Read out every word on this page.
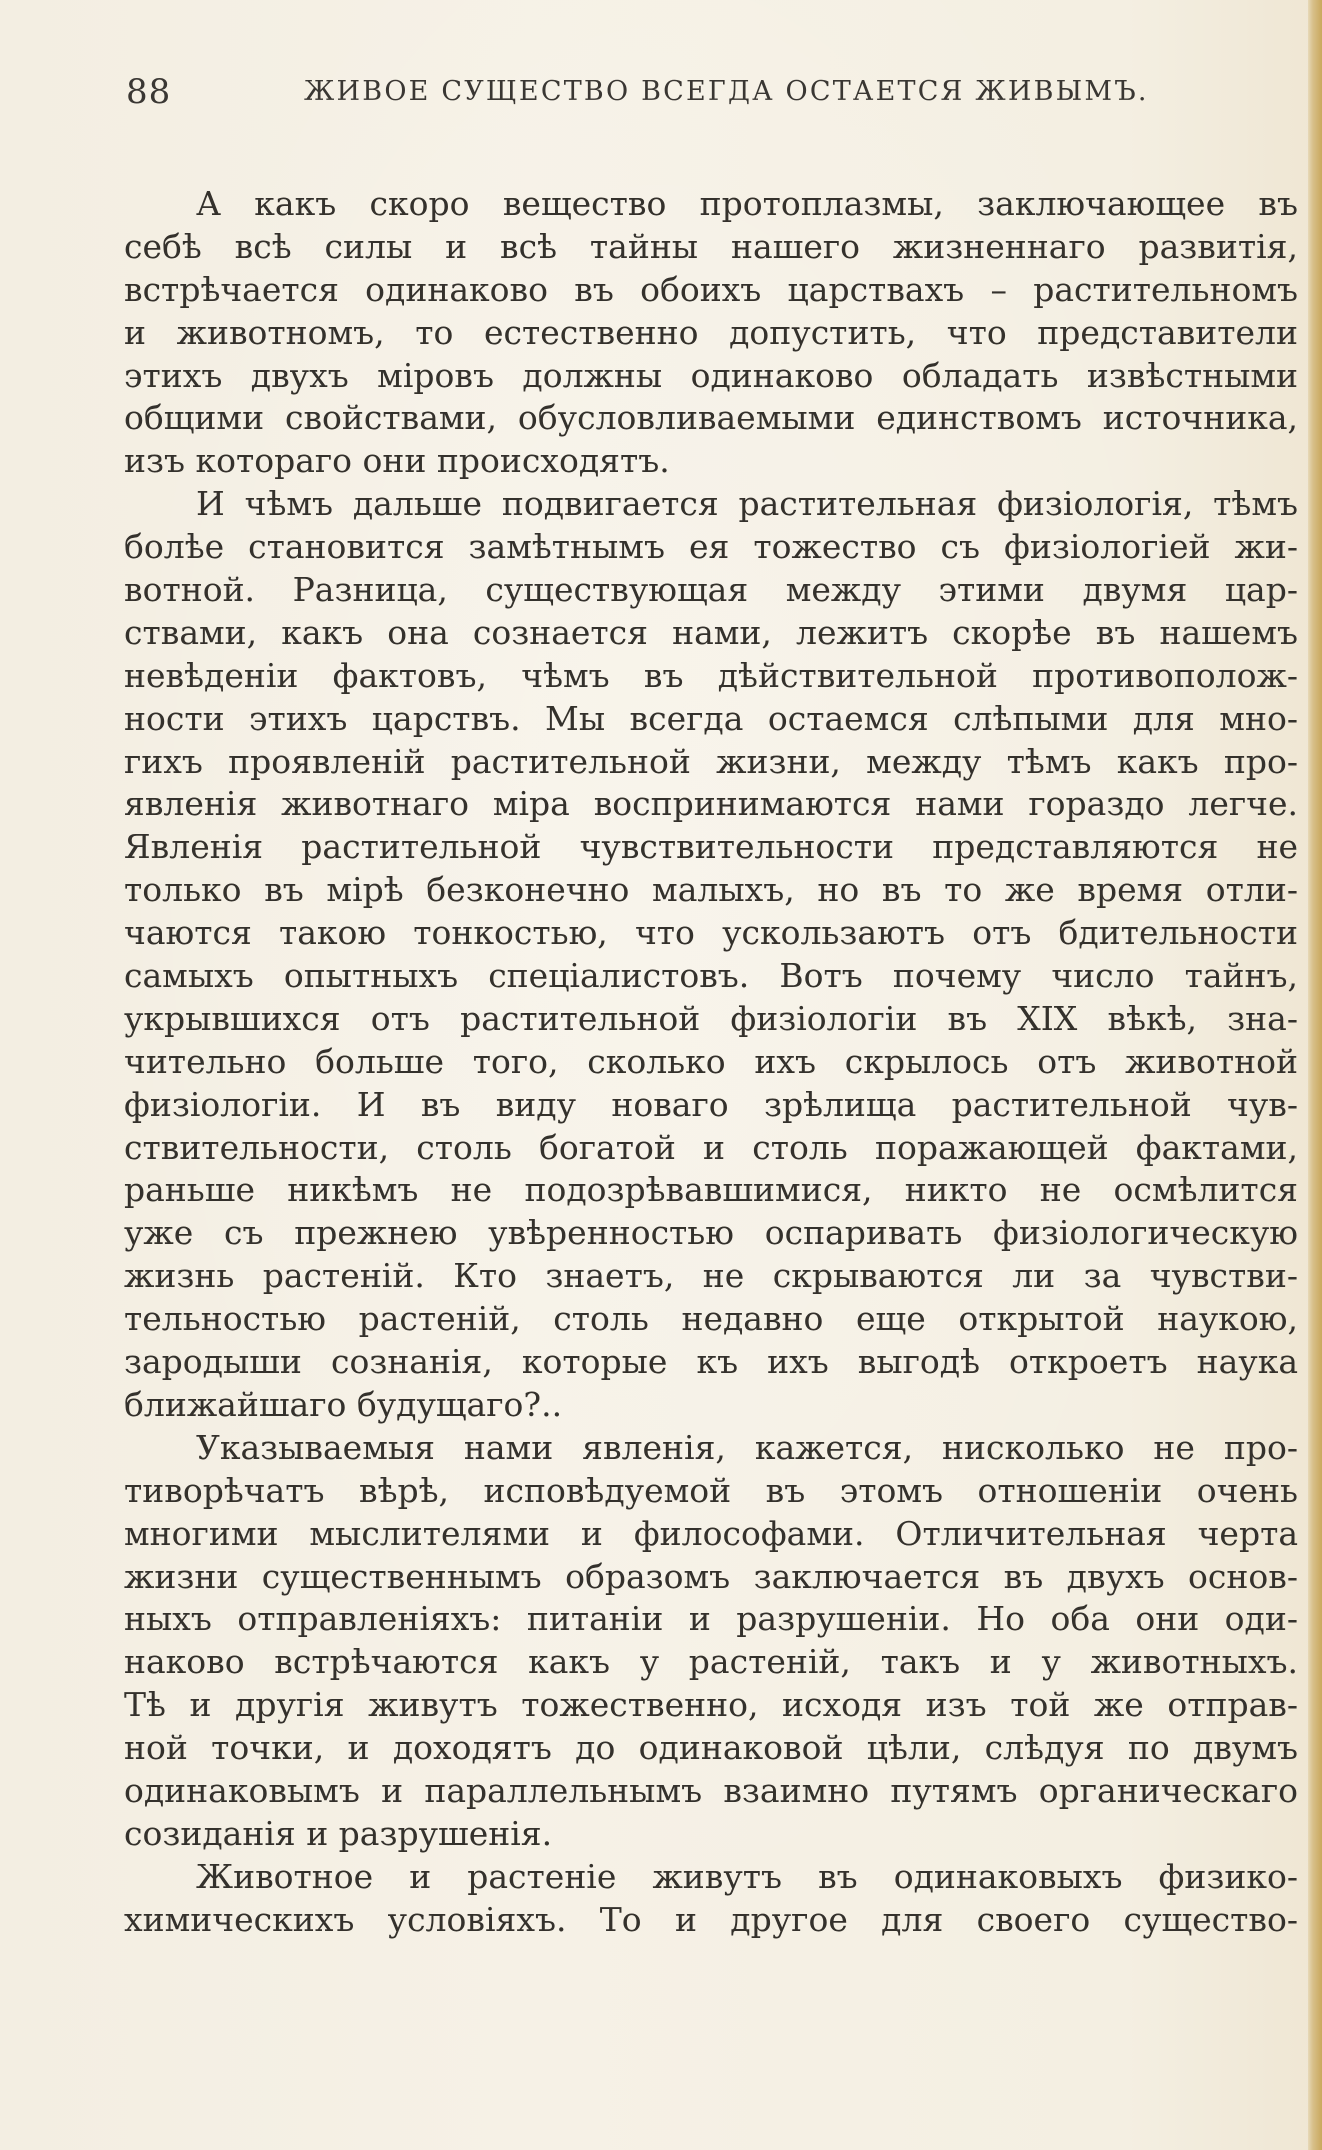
88	ЖИВОЕ СУЩЕСТВО ВСЕГДА ОСТАЕТСЯ ЖИВЫМЪ.
А какъ скоро вещество протоплазмы, заключающее въ
себѣ всѣ силы и всѣ тайны нашего жизненнаго развитія,
встрѣчается одинаково въ обоихъ царствахъ – растительномъ
и животномъ, то естественно допустить, что представители
этихъ двухъ міровъ должны одинаково обладать извѣстными
общими свойствами, обусловливаемыми единствомъ источника,
изъ котораго они происходятъ.
И чѣмъ дальше подвигается растительная физіологія, тѣмъ
болѣе становится замѣтнымъ ея тожество съ физіологіей жи-
вотной. Разница, существующая между этими двумя цар-
ствами, какъ она сознается нами, лежитъ скорѣе въ нашемъ
невѣденіи фактовъ, чѣмъ въ дѣйствительной противополож-
ности этихъ царствъ. Мы всегда остаемся слѣпыми для мно-
гихъ проявленій растительной жизни, между тѣмъ какъ про-
явленія животнаго міра воспринимаются нами гораздо легче.
Явленія растительной чувствительности представляются не
только въ мірѣ безконечно малыхъ, но въ то же время отли-
чаются такою тонкостью, что ускользаютъ отъ бдительности
самыхъ опытныхъ спеціалистовъ. Вотъ почему число тайнъ,
укрывшихся отъ растительной физіологіи въ XIX вѣкѣ, зна-
чительно больше того, сколько ихъ скрылось отъ животной
физіологіи. И въ виду новаго зрѣлища растительной чув-
ствительности, столь богатой и столь поражающей фактами,
раньше никѣмъ не подозрѣвавшимися, никто не осмѣлится
уже съ прежнею увѣренностью оспаривать физіологическую
жизнь растеній. Кто знаетъ, не скрываются ли за чувстви-
тельностью растеній, столь недавно еще открытой наукою,
зародыши сознанія, которые къ ихъ выгодѣ откроетъ наука
ближайшаго будущаго?..
Указываемыя нами явленія, кажется, нисколько не про-
тиворѣчатъ вѣрѣ, исповѣдуемой въ этомъ отношеніи очень
многими мыслителями и философами. Отличительная черта
жизни существеннымъ образомъ заключается въ двухъ основ-
ныхъ отправленіяхъ: питаніи и разрушеніи. Но оба они оди-
наково встрѣчаются какъ у растеній, такъ и у животныхъ.
Тѣ и другія живутъ тожественно, исходя изъ той же отправ-
ной точки, и доходятъ до одинаковой цѣли, слѣдуя по двумъ
одинаковымъ и параллельнымъ взаимно путямъ органическаго
созиданія и разрушенія.
Животное и растеніе живутъ въ одинаковыхъ физико-
химическихъ условіяхъ. То и другое для своего существо-
